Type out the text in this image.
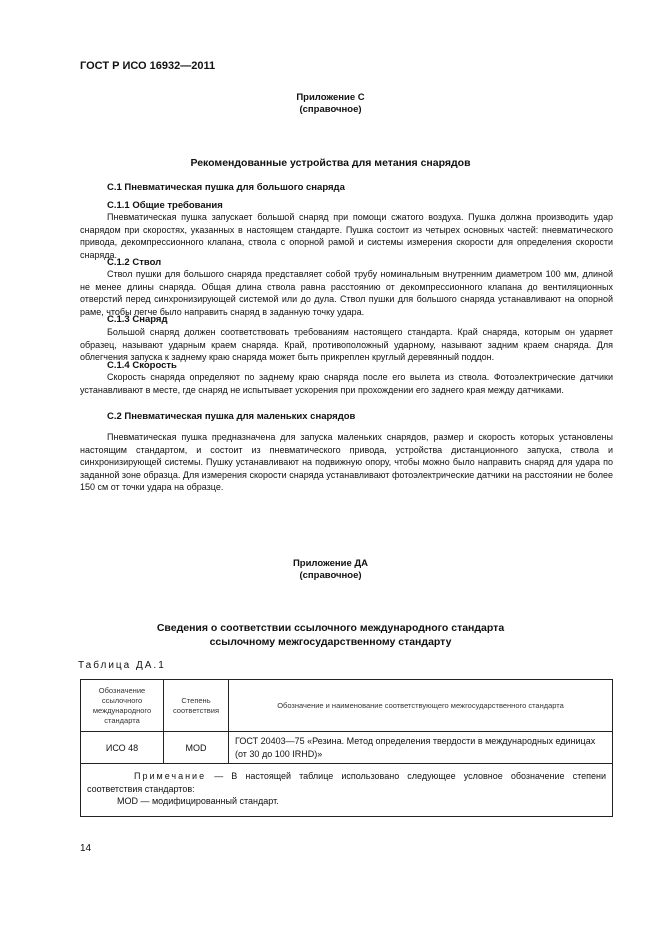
ГОСТ Р ИСО 16932—2011
Приложение С
(справочное)
Рекомендованные устройства для метания снарядов
С.1 Пневматическая пушка для большого снаряда
С.1.1 Общие требования
Пневматическая пушка запускает большой снаряд при помощи сжатого воздуха. Пушка должна производить удар снарядом при скоростях, указанных в настоящем стандарте. Пушка состоит из четырех основных частей: пневматического привода, декомпрессионного клапана, ствола с опорной рамой и системы измерения скорости для определения скорости снаряда.
С.1.2 Ствол
Ствол пушки для большого снаряда представляет собой трубу номинальным внутренним диаметром 100 мм, длиной не менее длины снаряда. Общая длина ствола равна расстоянию от декомпрессионного клапана до вентиляционных отверстий перед синхронизирующей системой или до дула. Ствол пушки для большого снаряда устанавливают на опорной раме, чтобы легче было направить снаряд в заданную точку удара.
С.1.3 Снаряд
Большой снаряд должен соответствовать требованиям настоящего стандарта. Край снаряда, которым он ударяет образец, называют ударным краем снаряда. Край, противоположный ударному, называют задним краем снаряда. Для облегчения запуска к заднему краю снаряда может быть прикреплен круглый деревянный поддон.
С.1.4 Скорость
Скорость снаряда определяют по заднему краю снаряда после его вылета из ствола. Фотоэлектрические датчики устанавливают в месте, где снаряд не испытывает ускорения при прохождении его заднего края между датчиками.
С.2 Пневматическая пушка для маленьких снарядов
Пневматическая пушка предназначена для запуска маленьких снарядов, размер и скорость которых установлены настоящим стандартом, и состоит из пневматического привода, устройства дистанционного запуска, ствола и синхронизирующей системы. Пушку устанавливают на подвижную опору, чтобы можно было направить снаряд для удара по заданной зоне образца. Для измерения скорости снаряда устанавливают фотоэлектрические датчики на расстоянии не более 150 см от точки удара на образце.
Приложение ДА
(справочное)
Сведения о соответствии ссылочного международного стандарта
ссылочному межгосударственному стандарту
Таблица ДА.1
Обозначение ссылочного международного стандарта	Степень соответствия	Обозначение и наименование соответствующего межгосударственного стандарта
ИСО 48	MOD	ГОСТ 20403—75 «Резина. Метод определения твердости в международных единицах (от 30 до 100 IRHD)»

Примечание — В настоящей таблице использовано следующее условное обозначение степени соответствия стандартов:
MOD — модифицированный стандарт.		
14
